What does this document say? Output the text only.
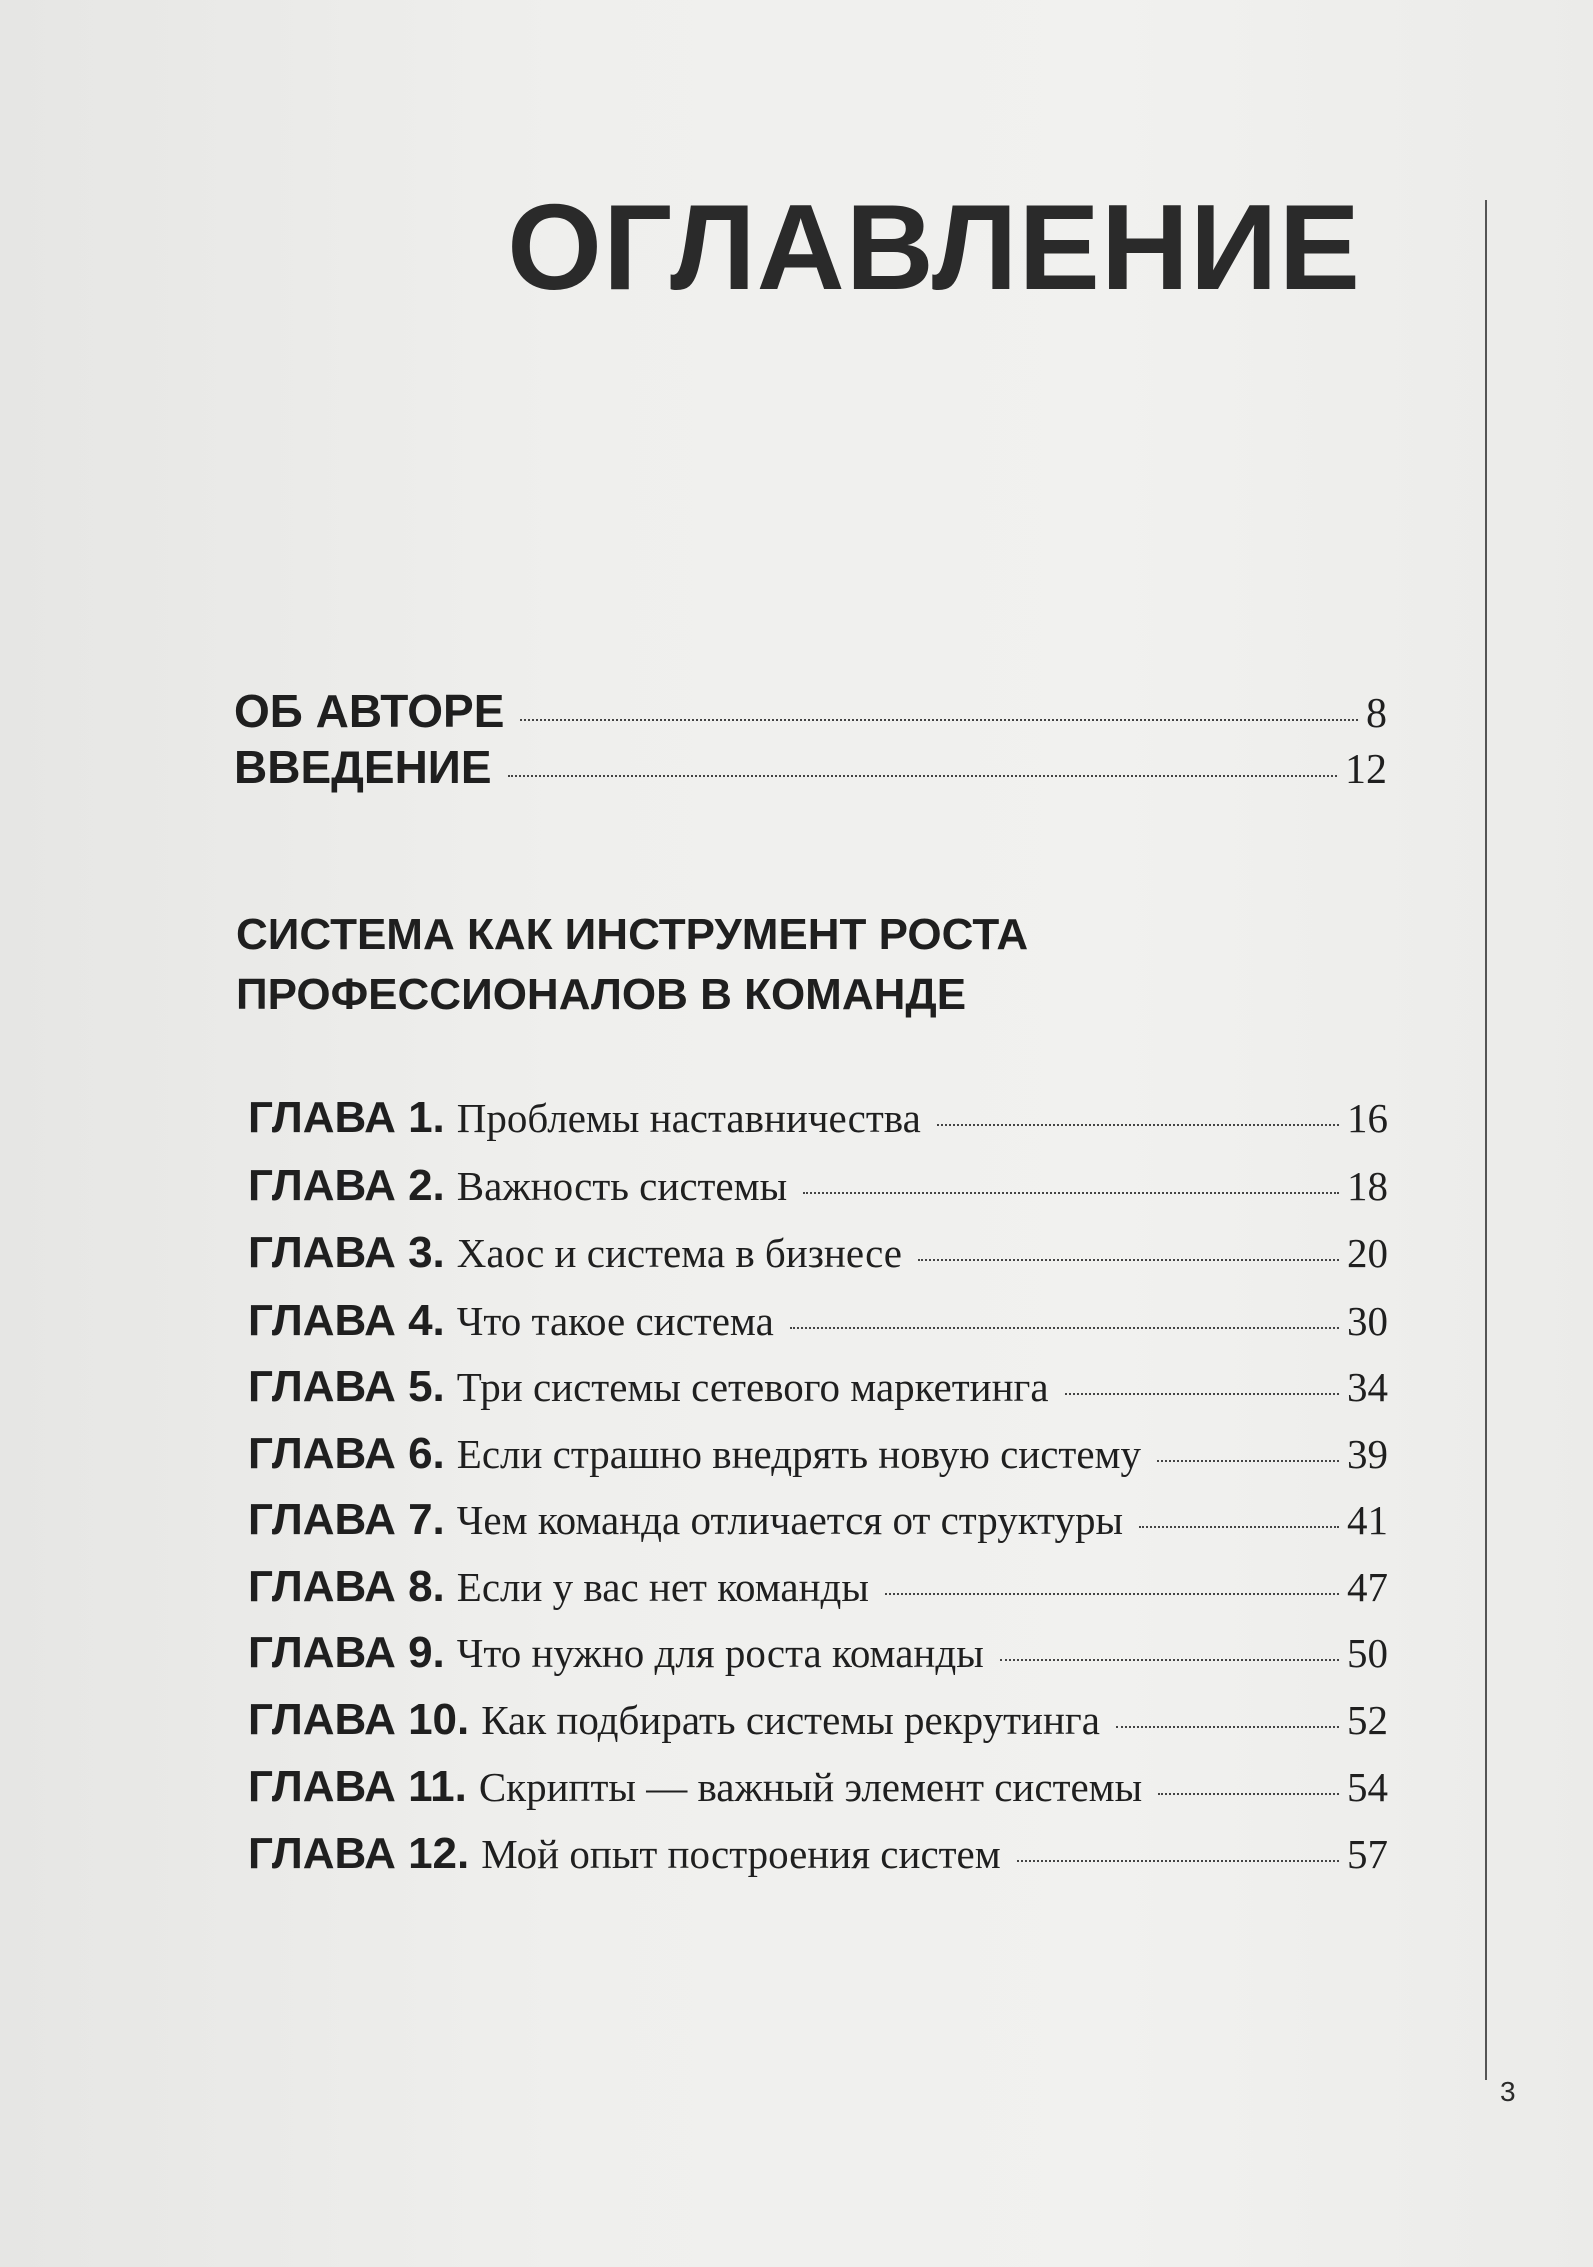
ОГЛАВЛЕНИЕ
ОБ АВТОРЕ	8
ВВЕДЕНИЕ	12
СИСТЕМА КАК ИНСТРУМЕНТ РОСТА
ПРОФЕССИОНАЛОВ В КОМАНДЕ
ГЛАВА 1. Проблемы наставничества	16
ГЛАВА 2. Важность системы	18
ГЛАВА 3. Хаос и система в бизнесе	20
ГЛАВА 4. Что такое система	30
ГЛАВА 5. Три системы сетевого маркетинга	34
ГЛАВА 6. Если страшно внедрять новую систему	39
ГЛАВА 7. Чем команда отличается от структуры	41
ГЛАВА 8. Если у вас нет команды	47
ГЛАВА 9. Что нужно для роста команды	50
ГЛАВА 10. Как подбирать системы рекрутинга	52
ГЛАВА 11. Скрипты — важный элемент системы	54
ГЛАВА 12. Мой опыт построения систем	57
3
